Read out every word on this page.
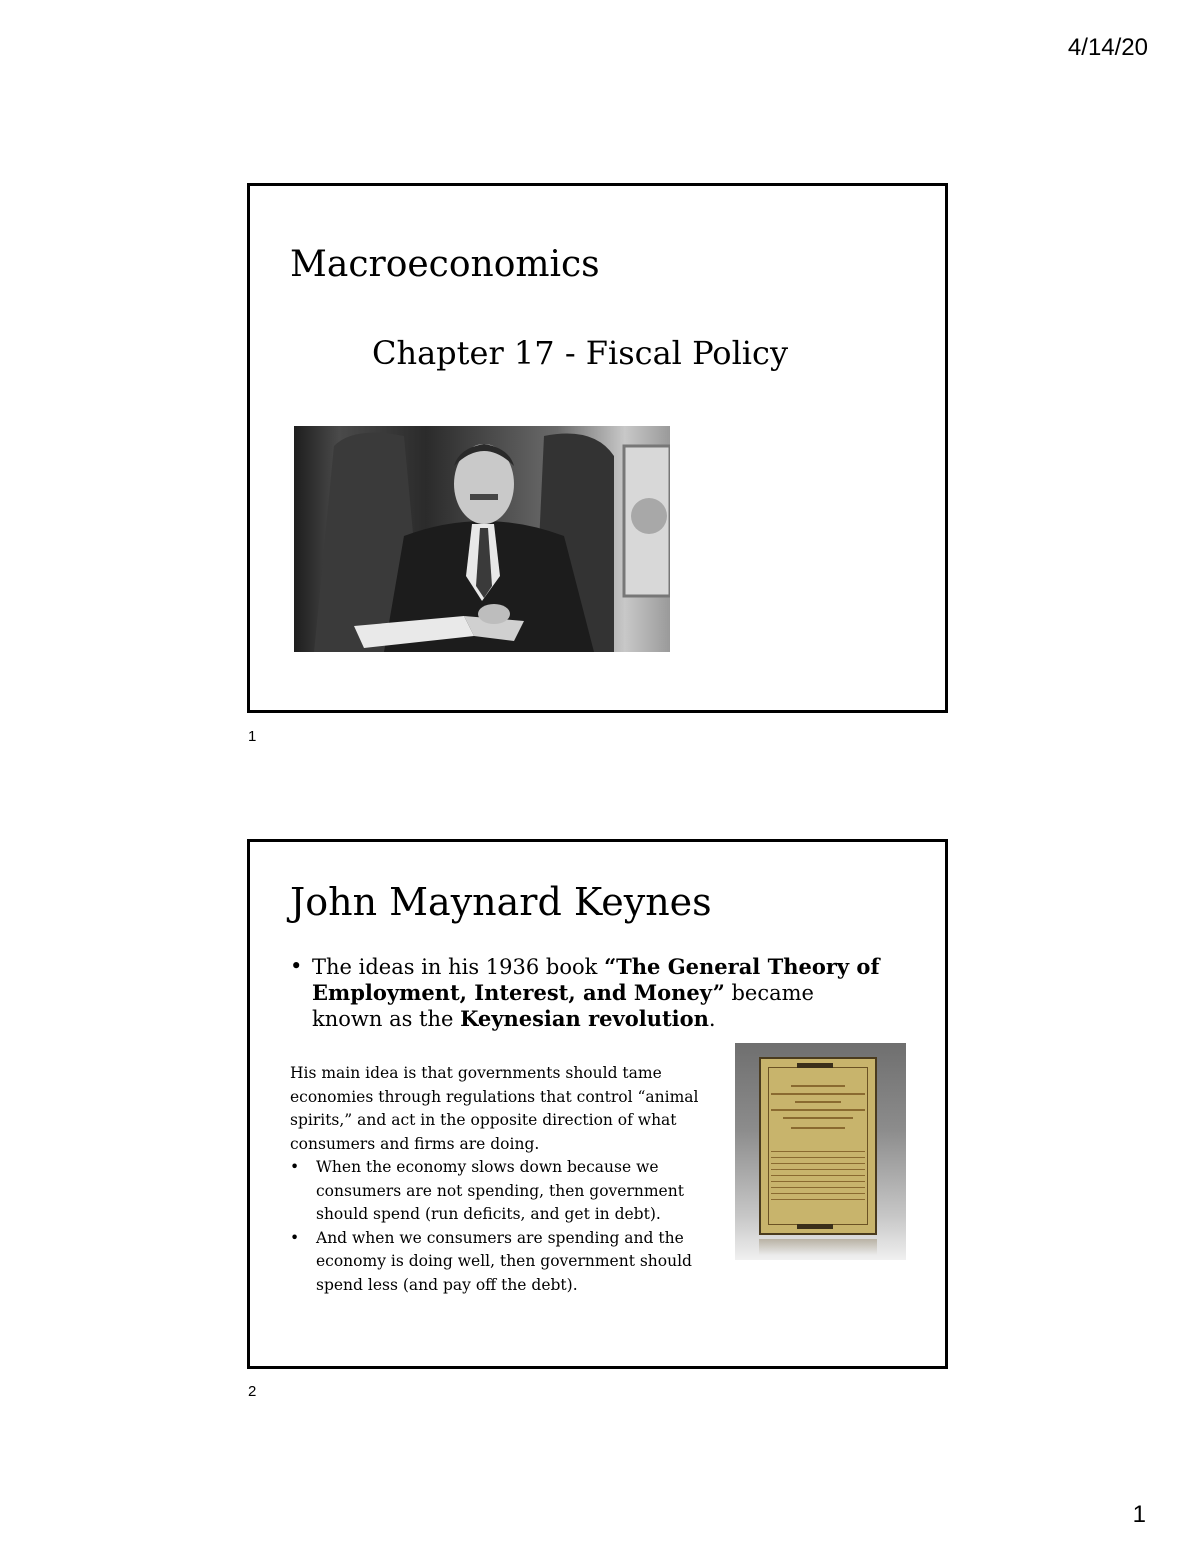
4/14/20
Macroeconomics
Chapter 17 - Fiscal Policy
1
John Maynard Keynes
• The ideas in his 1936 book “The General Theory of Employment, Interest, and Money” became known as the Keynesian revolution.

His main idea is that governments should tame economies through regulations that control “animal spirits,” and act in the opposite direction of what consumers and firms are doing.

•	When the economy slows down because we consumers are not spending, then government should spend (run deficits, and get in debt).
•	And when we consumers are spending and the economy is doing well, then government should spend less (and pay off the debt).
2
1
